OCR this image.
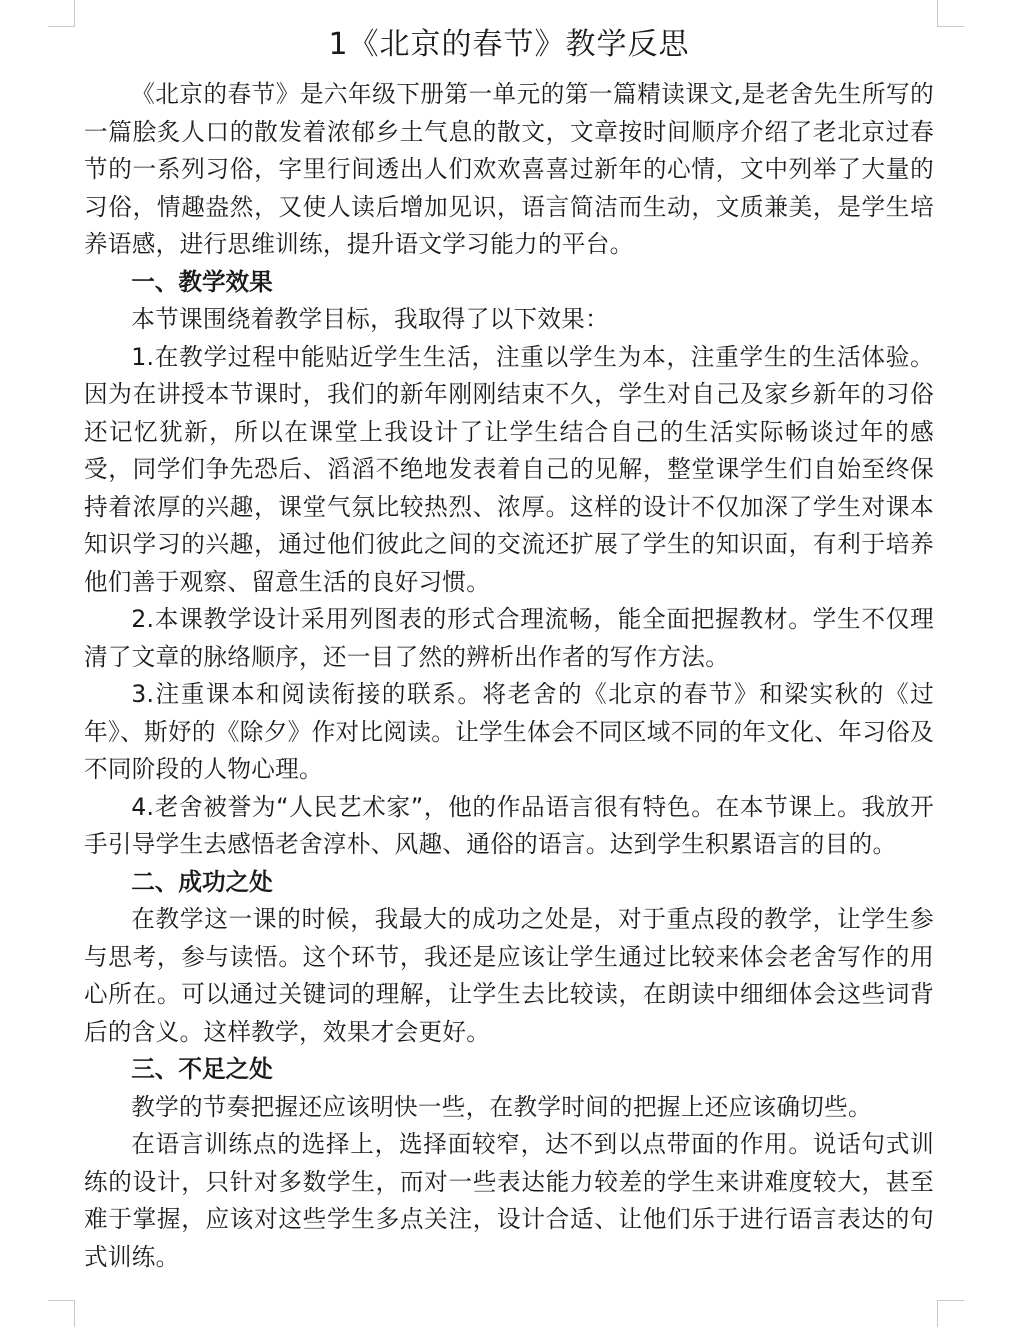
1《北京的春节》教学反思

《北京的春节》是六年级下册第一单元的第一篇精读课文,是老舍先生所写的一篇脍炙人口的散发着浓郁乡土气息的散文，文章按时间顺序介绍了老北京过春节的一系列习俗，字里行间透出人们欢欢喜喜过新年的心情，文中列举了大量的习俗，情趣盎然，又使人读后增加见识，语言简洁而生动，文质兼美，是学生培养语感，进行思维训练，提升语文学习能力的平台。

一、教学效果

本节课围绕着教学目标，我取得了以下效果：

1.在教学过程中能贴近学生生活，注重以学生为本，注重学生的生活体验。因为在讲授本节课时，我们的新年刚刚结束不久，学生对自己及家乡新年的习俗还记忆犹新，所以在课堂上我设计了让学生结合自己的生活实际畅谈过年的感受，同学们争先恐后、滔滔不绝地发表着自己的见解，整堂课学生们自始至终保持着浓厚的兴趣，课堂气氛比较热烈、浓厚。这样的设计不仅加深了学生对课本知识学习的兴趣，通过他们彼此之间的交流还扩展了学生的知识面，有利于培养他们善于观察、留意生活的良好习惯。

2.本课教学设计采用列图表的形式合理流畅，能全面把握教材。学生不仅理清了文章的脉络顺序，还一目了然的辨析出作者的写作方法。

3.注重课本和阅读衔接的联系。将老舍的《北京的春节》和梁实秋的《过年》、斯妤的《除夕》作对比阅读。让学生体会不同区域不同的年文化、年习俗及不同阶段的人物心理。

4.老舍被誉为“人民艺术家”，他的作品语言很有特色。在本节课上。我放开手引导学生去感悟老舍淳朴、风趣、通俗的语言。达到学生积累语言的目的。

二、成功之处

在教学这一课的时候，我最大的成功之处是，对于重点段的教学，让学生参与思考，参与读悟。这个环节，我还是应该让学生通过比较来体会老舍写作的用心所在。可以通过关键词的理解，让学生去比较读，在朗读中细细体会这些词背后的含义。这样教学，效果才会更好。

三、不足之处

教学的节奏把握还应该明快一些，在教学时间的把握上还应该确切些。

在语言训练点的选择上，选择面较窄，达不到以点带面的作用。说话句式训练的设计，只针对多数学生，而对一些表达能力较差的学生来讲难度较大，甚至难于掌握，应该对这些学生多点关注，设计合适、让他们乐于进行语言表达的句式训练。
